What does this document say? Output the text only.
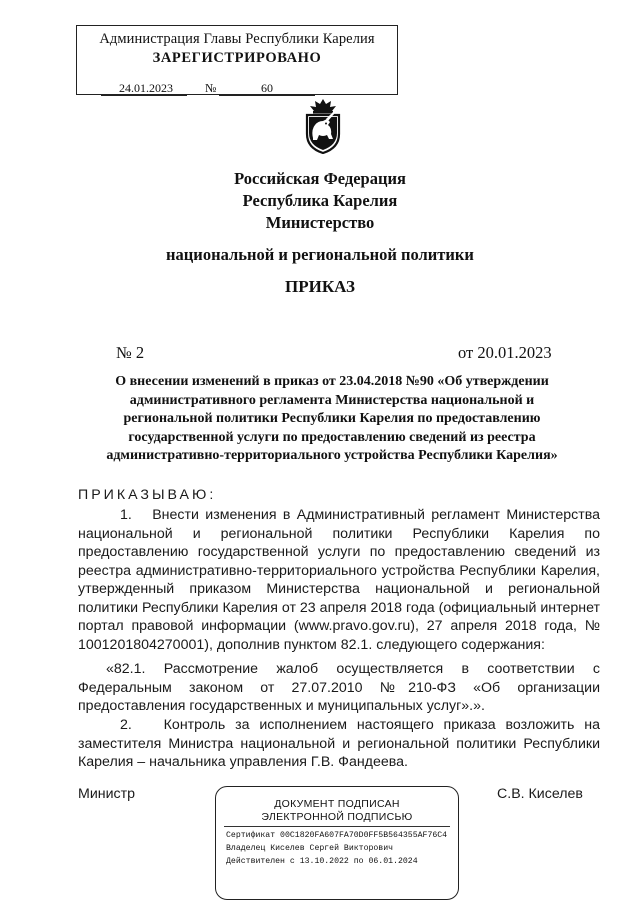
Администрация Главы Республики Карелия
ЗАРЕГИСТРИРОВАНО
24.01.2023	№	60
Российская Федерация
Республика Карелия
Министерство
национальной и региональной политики
ПРИКАЗ
№ 2	от 20.01.2023
О внесении изменений в приказ от 23.04.2018 №90 «Об утверждении
административного регламента Министерства национальной и
региональной политики Республики Карелия по предоставлению
государственной услуги по предоставлению сведений из реестра
административно-территориального устройства Республики Карелия»
ПРИКАЗЫВАЮ:
1. Внести изменения в Административный регламент Министерства национальной и региональной политики Республики Карелия по предоставлению государственной услуги по предоставлению сведений из реестра административно-территориального устройства Республики Карелия, утвержденный приказом Министерства национальной и региональной политики Республики Карелия от 23 апреля 2018 года (официальный интернет портал правовой информации (www.pravo.gov.ru), 27 апреля 2018 года, № 1001201804270001), дополнив пунктом 82.1. следующего содержания:
«82.1. Рассмотрение жалоб осуществляется в соответствии с Федеральным законом от 27.07.2010 №210-ФЗ «Об организации предоставления государственных и муниципальных услуг».».
2. Контроль за исполнением настоящего приказа возложить на заместителя Министра национальной и региональной политики Республики Карелия – начальника управления Г.В. Фандеева.
Министр	С.В. Киселев
ДОКУМЕНТ ПОДПИСАН
ЭЛЕКТРОННОЙ ПОДПИСЬЮ
Сертификат 00C1820FA607FA70D0FF5B564355AF76C4
Владелец Киселев Сергей Викторович
Действителен с 13.10.2022 по 06.01.2024
